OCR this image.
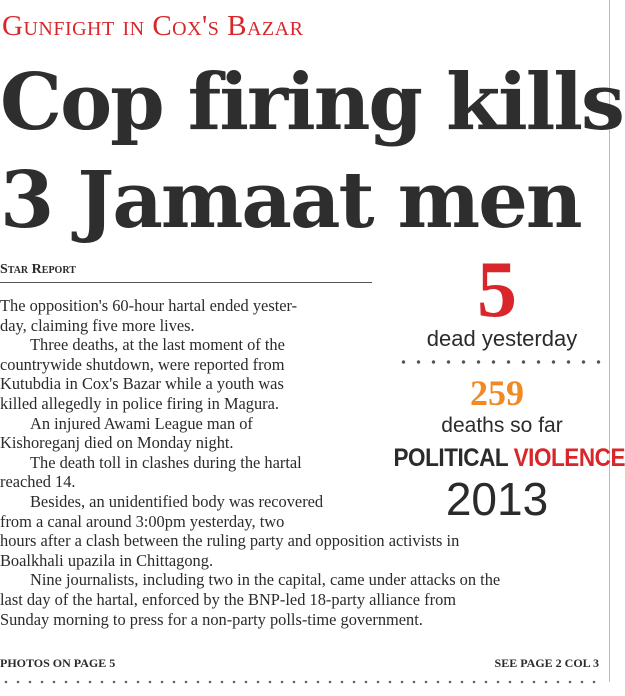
Gunfight in Cox's Bazar
Cop firing kills
3 Jamaat men
Star Report
The opposition's 60-hour hartal ended yester-
day, claiming five more lives.
Three deaths, at the last moment of the
countrywide shutdown, were reported from
Kutubdia in Cox's Bazar while a youth was
killed allegedly in police firing in Magura.
An injured Awami League man of
Kishoreganj died on Monday night.
The death toll in clashes during the hartal
reached 14.
Besides, an unidentified body was recovered
from a canal around 3:00pm yesterday, two
hours after a clash between the ruling party and opposition activists in
Boalkhali upazila in Chittagong.
Nine journalists, including two in the capital, came under attacks on the
last day of the hartal, enforced by the BNP-led 18-party alliance from
Sunday morning to press for a non-party polls-time government.
PHOTOS ON PAGE 5	SEE PAGE 2 COL 3
5
dead yesterday
259
deaths so far
POLITICAL VIOLENCE
2013
